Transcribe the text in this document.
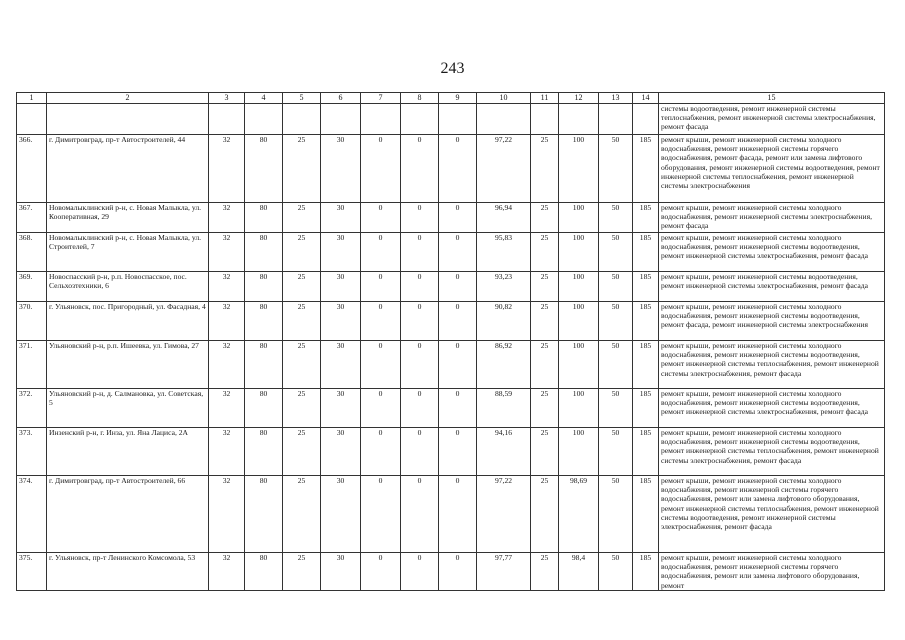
243
1	2	3	4	5	6	7	8	9	10	11	12	13	14	15
														системы водоотведения, ремонт инженерной системы теплоснабжения, ремонт инженерной системы электроснабжения, ремонт фасада
366.	г. Димитровград, пр-т Автостроителей, 44	32	80	25	30	0	0	0	97,22	25	100	50	185	ремонт крыши, ремонт инженерной системы холодного водоснабжения, ремонт инженерной системы горячего водоснабжения, ремонт фасада, ремонт или замена лифтового оборудования, ремонт инженерной системы водоотведения, ремонт инженерной системы теплоснабжения, ремонт инженерной системы электроснабжения
367.	Новомалыклинский р-н, с. Новая Малыкла, ул. Кооперативная, 29	32	80	25	30	0	0	0	96,94	25	100	50	185	ремонт крыши, ремонт инженерной системы холодного водоснабжения, ремонт инженерной системы электроснабжения, ремонт фасада
368.	Новомалыклинский р-н, с. Новая Малыкла, ул. Строителей, 7	32	80	25	30	0	0	0	95,83	25	100	50	185	ремонт крыши, ремонт инженерной системы холодного водоснабжения, ремонт инженерной системы водоотведения, ремонт инженерной системы электроснабжения, ремонт фасада
369.	Новоспасский р-н, р.п. Новоспасское, пос. Сельхозтехники, 6	32	80	25	30	0	0	0	93,23	25	100	50	185	ремонт крыши, ремонт инженерной системы водоотведения, ремонт инженерной системы электроснабжения, ремонт фасада
370.	г. Ульяновск, пос. Пригородный, ул. Фасадная, 4	32	80	25	30	0	0	0	90,82	25	100	50	185	ремонт крыши, ремонт инженерной системы холодного водоснабжения, ремонт инженерной системы водоотведения, ремонт фасада, ремонт инженерной системы электроснабжения
371.	Ульяновский р-н, р.п. Ишеевка, ул. Гимова, 27	32	80	25	30	0	0	0	86,92	25	100	50	185	ремонт крыши, ремонт инженерной системы холодного водоснабжения, ремонт инженерной системы водоотведения, ремонт инженерной системы теплоснабжения, ремонт инженерной системы электроснабжения, ремонт фасада
372.	Ульяновский р-н, д. Салмановка, ул. Советская, 5	32	80	25	30	0	0	0	88,59	25	100	50	185	ремонт крыши, ремонт инженерной системы холодного водоснабжения, ремонт инженерной системы водоотведения, ремонт инженерной системы электроснабжения, ремонт фасада
373.	Инзенский р-н, г. Инза, ул. Яна Лациса, 2А	32	80	25	30	0	0	0	94,16	25	100	50	185	ремонт крыши, ремонт инженерной системы холодного водоснабжения, ремонт инженерной системы водоотведения, ремонт инженерной системы теплоснабжения, ремонт инженерной системы электроснабжения, ремонт фасада
374.	г. Димитровград, пр-т Автостроителей, 66	32	80	25	30	0	0	0	97,22	25	98,69	50	185	ремонт крыши, ремонт инженерной системы холодного водоснабжения, ремонт инженерной системы горячего водоснабжения, ремонт или замена лифтового оборудования, ремонт инженерной системы теплоснабжения, ремонт инженерной системы водоотведения, ремонт инженерной системы электроснабжения, ремонт фасада
375.	г. Ульяновск, пр-т Ленинского Комсомола, 53	32	80	25	30	0	0	0	97,77	25	98,4	50	185	ремонт крыши, ремонт инженерной системы холодного водоснабжения, ремонт инженерной системы горячего водоснабжения, ремонт или замена лифтового оборудования, ремонт
